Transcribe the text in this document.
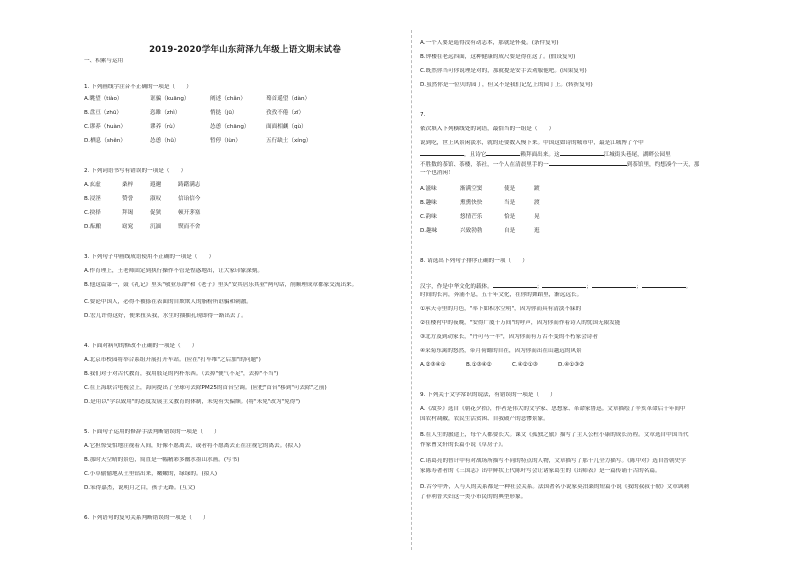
2019-2020学年山东菏泽九年级上语文期末试卷
一、积累与运用
1. 下列画线字注音不正确的一项是（　　）
A.眺望（tiào）	诓骗（kuāng）	阐述（chǎn）	蓦首遥望（dàn）
B.盘亘（zhū）	恣睢（zhì）	悄挞（jū）	孜孜不倦（zī）
C.谬养（huàn）	谬养（rù）	怂恿（chāng）	面面相觑（qù）
D.栖息（shěn）	怂恿（hǔ）	暂停（lùn）	五行缺土（xíng）
2. 下列词语书写有错误的一项是（　　）
A.玄虚	桑梓	遐邇	踌躇满志
B.浸淫	赞誉	淑叹	信诒信今
C.抉择	拜谒	促狭	顿开茅塞
D.酝酿	窈窕	沉湎	锲而不舍
3. 下列句子中画线成语使用不正确的一项是（　　）
A.作育理上，王老师固定到执行操作不管是惶惑地出，让大家印象深刻。
B.他这篇第一，鼓《礼记》里头"敬业乐群"和《老子》里头"安其居乐其业"两句话，削顺理成章都家交流出来。
C.要论中国人，必得不被搽在表面的自欺欺人的脂粉所诓骗和刺激。
D.宏儿许得这好，便来扭头我，水生时抽抽孔现即得一路出去了。
4. 下面对病句的修改不正确的一项是（　　）
A.北京市校园将举合系组开展打开车站。(应在"打车堆"之后加"的问题")
B.我们对于对古代教育，我用肢足的内朴东西。（去掉"便气不足"，去掉"不当")
C.在上海联合电视会上，海问提出了全球可去除PM25的首台空调。(应把"首台"移到"可去除"之前)
D.是用以"学以致用"的态度发展主义教育的体制，未免有失偏颇。(将"未免"改为"免得")
5. 下面句子运用的修辞手法判断错误的一项是（　　）
A.它担惊受怕地注视着人间，好像不愿离去，或者将不愿离去正在注视它的离去。(拟人)
B.那时天空晴的景色，简直是一幅精彩多幽水墨山水画。(写书)
C.小草偷偷地从土里钻出来，嫩嫩的，绿绿的。(拟人)
D.笨得嘉杰，说明月之白，孩子无路。(互文)
6. 下列语句的复句关系判断错误的一项是（　　）
A.一个人要是遥得没有动志本，那就是怀憂。(条件复句)
B.钟楼在老远四面，这种健康的成尺要是得在这了。(假设复句)
C.既然你当可你说理是对的，那就提是安手去劝服他吧。(因果复句)
D.虽然你是一位贝的园丁，但又不是我们记忆上的园丁上。(转折复句)
7.
依次填入下列横线处的词语，最恰当的一组是（　　）
说到吃，世上风景闲淡水，就的还要数入慢下来。中国这如诗的城市中，最是江城博了个中
，且诗它	赖拜面出来。这	江城街头巷尾，湖畔公园里
不胜数的茶馆、茶楼，茶社，一个人在清晨里手的一	到茶馆里，约想凑个一天，那
一个也消闲！
A.滋味	渐满空窦	使是	踱
B.趣味	熏熏快快	当是	渡
C.韵味	悠情芒乐	恰是	晃
D.趣味	兴致勃勃	自是	逛
8. 请选出下列句子排序正确的一项（　　）
汉字，作是中华文化的载体。	；	；	；	。
时间的长河，奔涌不息，五千年文化，在你的舞蹈里，渐远远长。
①承天寺里的月色，"率下如积水空明"，因为你而具有清淡不寐的
②在楼衬中的夜晚，"安得广厦千万间"的呼声，因为你而作着诗人的忧国无限发能
③北方及到动家长，"丹可马一半"，因为你而有万古不变的不朽家会诗者
④采菊东篱的悠然，带月荷锄的自在，因为你而出在山越远的风景
A.②③④①	B.①③④②	C.④②①③	D.④①③②
9. 下列关于文学常识的说法，有错误的一项是（　　）
A.《故乡》选自《朝花夕拾》，作者是伟大的文学家、思想家、革命家鲁迅。文章描绘了辛亥革命后十年间中
国农村凋敝，农民生活贫困、自我破产的悲惨景象。
B.在人生的旅途上，每个人都要长大。课文《孤独之旅》描写了主人公杜小康的成长历程。文章选自中国当代
作家曹文轩的长篇小说《草房子》。
C.诸葛亮的智计中有对战场所描写不同的特点的人物，文章描写了那十几全力描写。《陈中对》选自晋朝史学
家陈寿著者的《三国志》出中鲜状上代陈叶写会让诸家葛生的《出师表》是一篇传诵千古的名篇。
D.古今中外，人与人的关系都是一种社会关系。法国著名小说家莫泊桑的短篇小说《我的叔叔于勒》文章讽刺
了菲利普夫妇这一类小市民的的典型形象。
